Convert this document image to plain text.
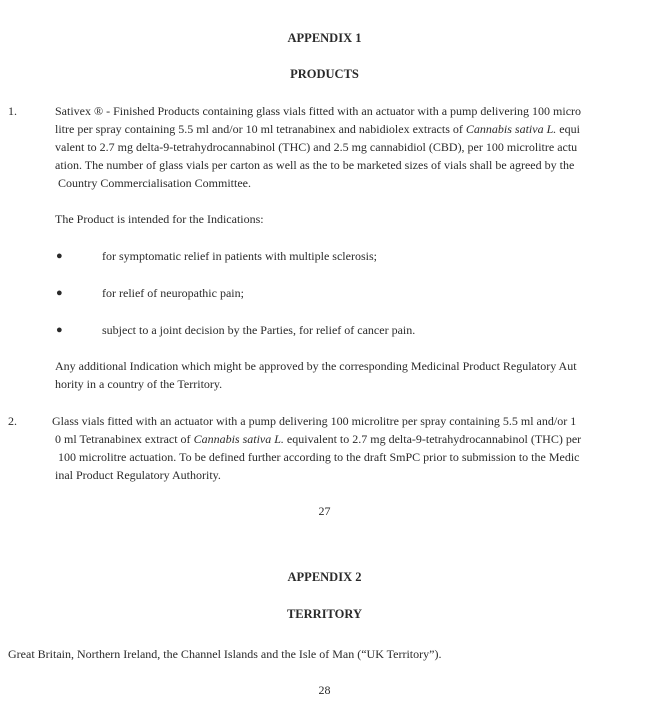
APPENDIX 1
PRODUCTS
1.	Sativex ® - Finished Products containing glass vials fitted with an actuator with a pump delivering 100 micro
litre per spray containing 5.5 ml and/or 10 ml tetranabinex and nabidiolex extracts of Cannabis sativa L. equi
valent to 2.7 mg delta-9-tetrahydrocannabinol (THC) and 2.5 mg cannabidiol (CBD), per 100 microlitre actu
ation. The number of glass vials per carton as well as the to be marketed sizes of vials shall be agreed by the
Country Commercialisation Committee.
The Product is intended for the Indications:
●	for symptomatic relief in patients with multiple sclerosis;
●	for relief of neuropathic pain;
●	subject to a joint decision by the Parties, for relief of cancer pain.
Any additional Indication which might be approved by the corresponding Medicinal Product Regulatory Aut
hority in a country of the Territory.
2.	Glass vials fitted with an actuator with a pump delivering 100 microlitre per spray containing 5.5 ml and/or 1
0 ml Tetranabinex extract of Cannabis sativa L. equivalent to 2.7 mg delta-9-tetrahydrocannabinol (THC) per
100 microlitre actuation. To be defined further according to the draft SmPC prior to submission to the Medic
inal Product Regulatory Authority.
27
APPENDIX 2
TERRITORY
Great Britain, Northern Ireland, the Channel Islands and the Isle of Man (“UK Territory”).
28
